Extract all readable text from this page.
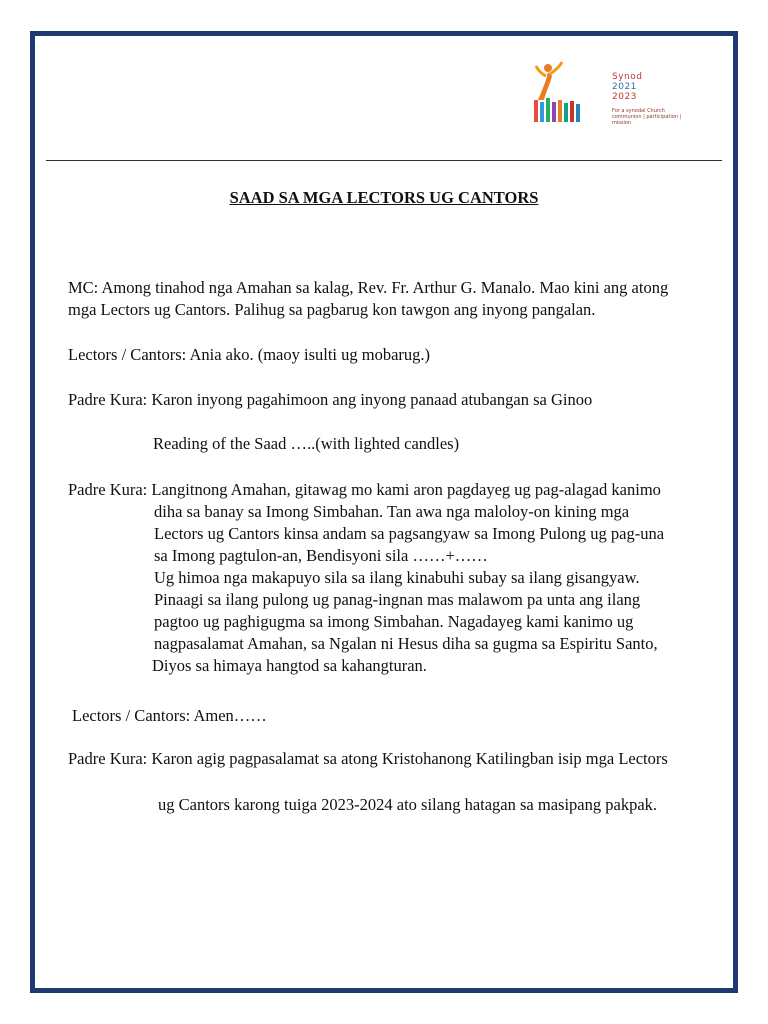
Synod
2021
2023
For a synodal Church
communion | participation | mission
SAAD SA MGA LECTORS UG CANTORS
MC: Among tinahod nga Amahan sa kalag, Rev. Fr. Arthur G. Manalo. Mao kini ang atong
mga Lectors ug Cantors. Palihug sa pagbarug kon tawgon ang inyong pangalan.
Lectors / Cantors: Ania ako. (maoy isulti ug mobarug.)
Padre Kura: Karon inyong pagahimoon ang inyong panaad atubangan sa Ginoo
Reading of the Saad …..(with lighted candles)
Padre Kura: Langitnong Amahan, gitawag mo kami aron pagdayeg ug pag-alagad kanimo
diha sa banay sa Imong Simbahan. Tan awa nga maloloy-on kining mga
Lectors ug Cantors kinsa andam sa pagsangyaw sa Imong Pulong ug pag-una
sa Imong pagtulon-an, Bendisyoni sila ……+……
Ug himoa nga makapuyo sila sa ilang kinabuhi subay sa ilang gisangyaw.
Pinaagi sa ilang pulong ug panag-ingnan mas malawom pa unta ang ilang
pagtoo ug paghigugma sa imong Simbahan. Nagadayeg kami kanimo ug
nagpasalamat Amahan, sa Ngalan ni Hesus diha sa gugma sa Espiritu Santo,
Diyos sa himaya hangtod sa kahangturan.
Lectors / Cantors: Amen……
Padre Kura: Karon agig pagpasalamat sa atong Kristohanong Katilingban isip mga Lectors
ug Cantors karong tuiga 2023-2024 ato silang hatagan sa masipang pakpak.
